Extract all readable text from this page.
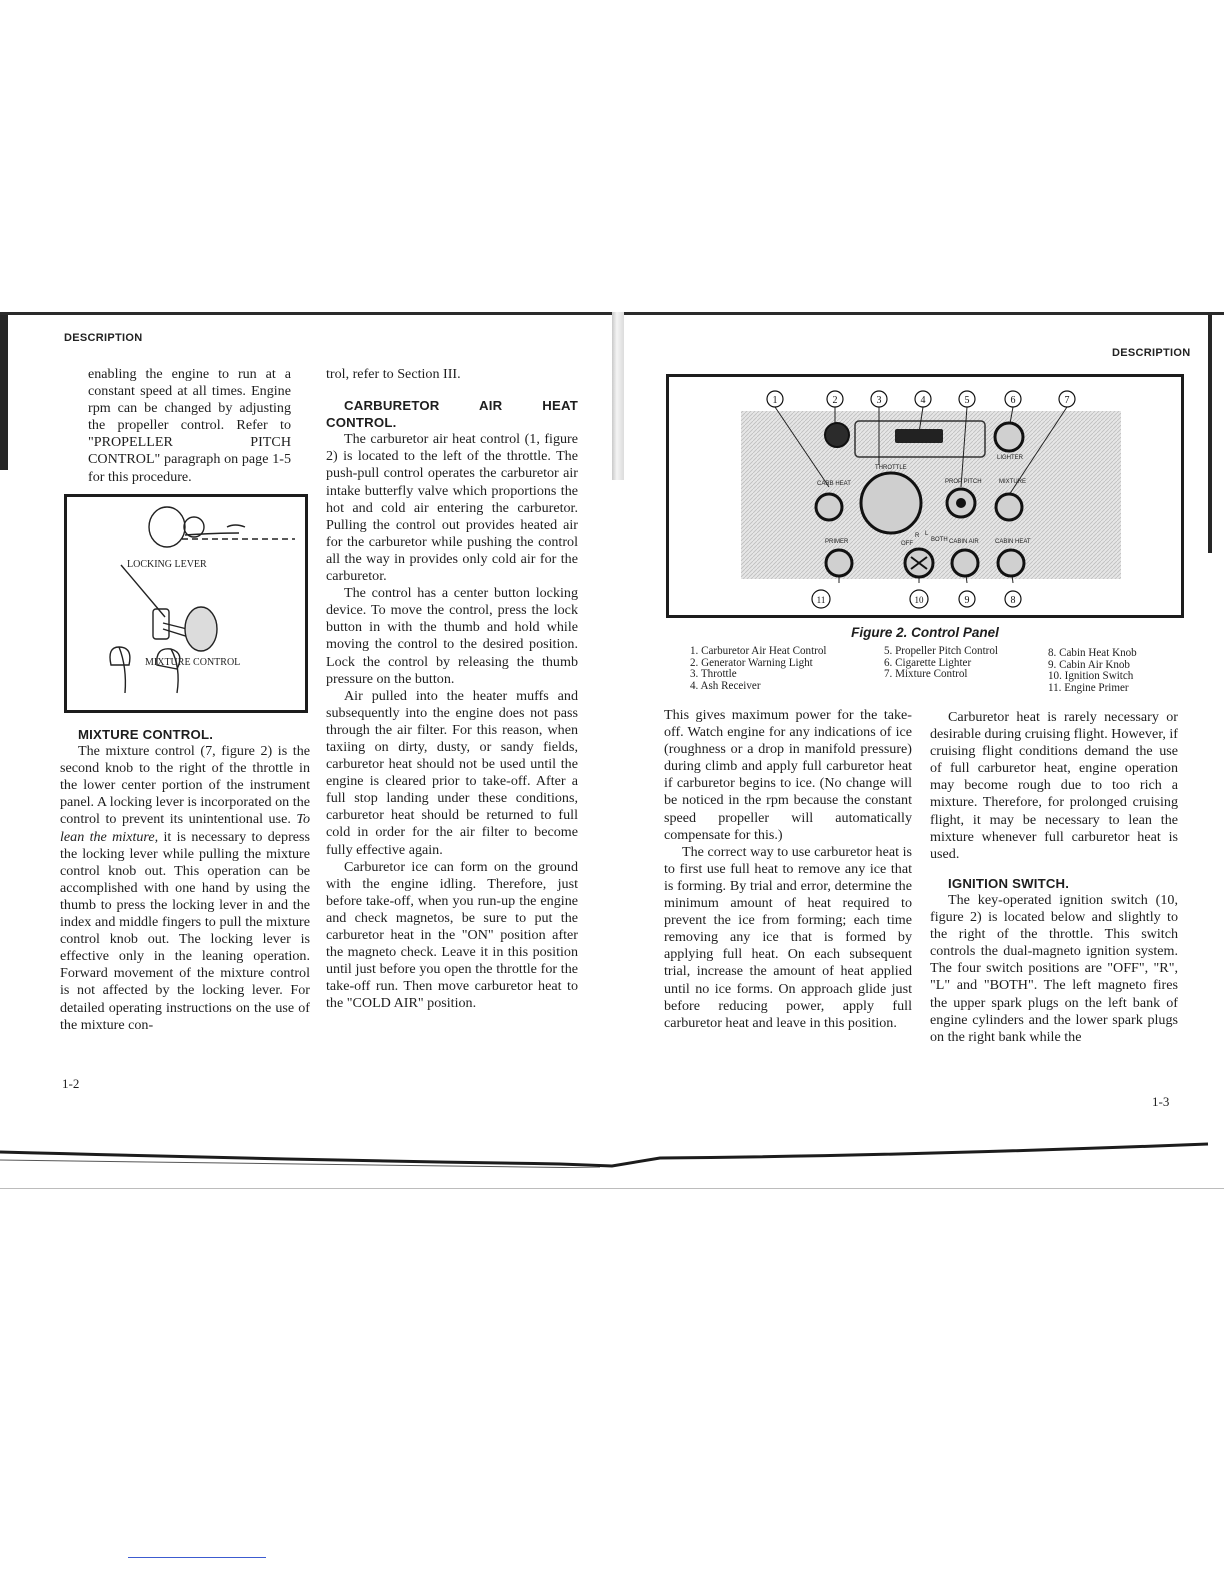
DESCRIPTION

enabling the engine to run at a constant speed at all times. Engine rpm can be changed by adjusting the propeller control. Refer to "PROPELLER PITCH CONTROL" paragraph on page 1-5 for this procedure.

LOCKING LEVER
MIXTURE CONTROL

MIXTURE CONTROL.

The mixture control (7, figure 2) is the second knob to the right of the throttle in the lower center portion of the instrument panel. A locking lever is incorporated on the control to prevent its unintentional use. To lean the mixture, it is necessary to depress the locking lever while pulling the mixture control knob out. This operation can be accomplished with one hand by using the thumb to press the locking lever in and the index and middle fingers to pull the mixture control knob out. The locking lever is effective only in the leaning operation. Forward movement of the mixture control is not affected by the locking lever. For detailed operating instructions on the use of the mixture con-

trol, refer to Section III.

CARBURETOR AIR HEAT CONTROL.

The carburetor air heat control (1, figure 2) is located to the left of the throttle. The push-pull control operates the carburetor air intake butterfly valve which proportions the hot and cold air entering the carburetor. Pulling the control out provides heated air for the carburetor while pushing the control all the way in provides only cold air for the carburetor.

The control has a center button locking device. To move the control, press the lock button in with the thumb and hold while moving the control to the desired position. Lock the control by releasing the thumb pressure on the button.

Air pulled into the heater muffs and subsequently into the engine does not pass through the air filter. For this reason, when taxiing on dirty, dusty, or sandy fields, carburetor heat should not be used until the engine is cleared prior to take-off. After a full stop landing under these conditions, carburetor heat should be returned to full cold in order for the air filter to become fully effective again.

Carburetor ice can form on the ground with the engine idling. Therefore, just before take-off, when you run-up the engine and check magnetos, be sure to put the carburetor heat in the "ON" position after the magneto check. Leave it in this position until just before you open the throttle for the take-off run. Then move carburetor heat to the "COLD AIR" position.

1-2
DESCRIPTION
CARB HEAT
THROTTLE
PROP PITCH	MIXTURE
LIGHTER
PRIMER	CABIN AIR	CABIN HEAT
OFF
R L
BOTH
1	2	3	4	5	6	7
8
9
10
11
Figure 2. Control Panel
1. Carburetor Air Heat Control
2. Generator Warning Light
3. Throttle
4. Ash Receiver
5. Propeller Pitch Control
6. Cigarette Lighter
7. Mixture Control
8. Cabin Heat Knob
9. Cabin Air Knob
10. Ignition Switch
11. Engine Primer

This gives maximum power for the take-off. Watch engine for any indications of ice (roughness or a drop in manifold pressure) during climb and apply full carburetor heat if carburetor begins to ice. (No change will be noticed in the rpm because the constant speed propeller will automatically compensate for this.)

The correct way to use carburetor heat is to first use full heat to remove any ice that is forming. By trial and error, determine the minimum amount of heat required to prevent the ice from forming; each time removing any ice that is formed by applying full heat. On each subsequent trial, increase the amount of heat applied until no ice forms. On approach glide just before reducing power, apply full carburetor heat and leave in this position.

Carburetor heat is rarely necessary or desirable during cruising flight. However, if cruising flight conditions demand the use of full carburetor heat, engine operation may become rough due to too rich a mixture. Therefore, for prolonged cruising flight, it may be necessary to lean the mixture whenever full carburetor heat is used.

IGNITION SWITCH.

The key-operated ignition switch (10, figure 2) is located below and slightly to the right of the throttle. This switch controls the dual-magneto ignition system. The four switch positions are "OFF", "R", "L" and "BOTH". The left magneto fires the upper spark plugs on the left bank of engine cylinders and the lower spark plugs on the right bank while the

1-3
